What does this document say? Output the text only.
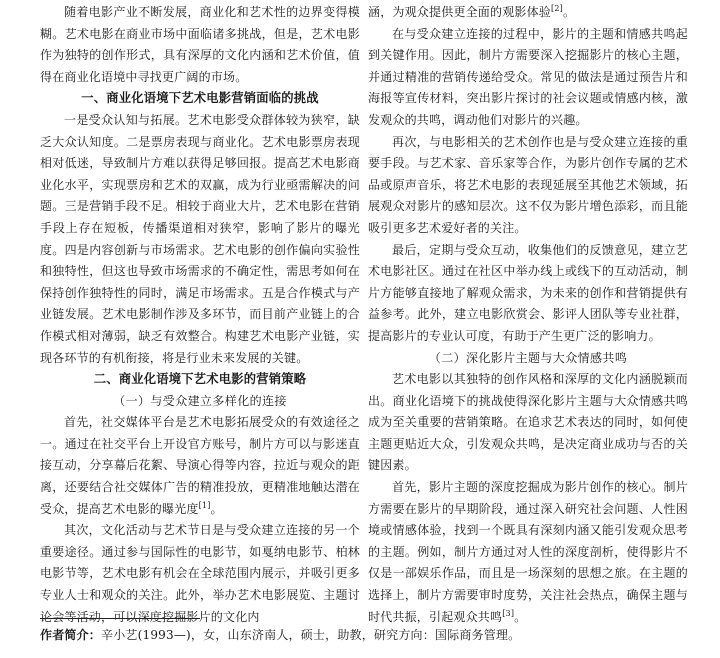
随着电影产业不断发展，商业化和艺术性的边界变得模糊。艺术电影在商业市场中面临诸多挑战，但是，艺术电影作为独特的创作形式，具有深厚的文化内涵和艺术价值，值得在商业化语境中寻找更广阔的市场。

一、商业化语境下艺术电影营销面临的挑战

一是受众认知与拓展。艺术电影受众群体较为狭窄，缺乏大众认知度。二是票房表现与商业化。艺术电影票房表现相对低迷，导致制片方难以获得足够回报。提高艺术电影商业化水平，实现票房和艺术的双赢，成为行业亟需解决的问题。三是营销手段不足。相较于商业大片，艺术电影在营销手段上存在短板，传播渠道相对狭窄，影响了影片的曝光度。四是内容创新与市场需求。艺术电影的创作偏向实验性和独特性，但这也导致市场需求的不确定性，需思考如何在保持创作独特性的同时，满足市场需求。五是合作模式与产业链发展。艺术电影制作涉及多环节，而目前产业链上的合作模式相对薄弱，缺乏有效整合。构建艺术电影产业链，实现各环节的有机衔接，将是行业未来发展的关键。

二、商业化语境下艺术电影的营销策略
（一）与受众建立多样化的连接

首先，社交媒体平台是艺术电影拓展受众的有效途径之一。通过在社交平台上开设官方账号，制片方可以与影迷直接互动，分享幕后花絮、导演心得等内容，拉近与观众的距离，还要结合社交媒体广告的精准投放，更精准地触达潜在受众，提高艺术电影的曝光度[1]。

其次，文化活动与艺术节日是与受众建立连接的另一个重要途径。通过参与国际性的电影节，如戛纳电影节、柏林电影节等，艺术电影有机会在全球范围内展示，并吸引更多专业人士和观众的关注。此外，举办艺术电影展览、主题讨论会等活动，可以深度挖掘影片的文化内

涵，为观众提供更全面的观影体验[2]。

在与受众建立连接的过程中，影片的主题和情感共鸣起到关键作用。因此，制片方需要深入挖掘影片的核心主题，并通过精准的营销传递给受众。常见的做法是通过预告片和海报等宣传材料，突出影片探讨的社会议题或情感内核，激发观众的共鸣，调动他们对影片的兴趣。

再次，与电影相关的艺术创作也是与受众建立连接的重要手段。与艺术家、音乐家等合作，为影片创作专属的艺术品或原声音乐，将艺术电影的表现延展至其他艺术领域，拓展观众对影片的感知层次。这不仅为影片增色添彩，而且能吸引更多艺术爱好者的关注。

最后，定期与受众互动，收集他们的反馈意见，建立艺术电影社区。通过在社区中举办线上或线下的互动活动，制片方能够直接地了解观众需求，为未来的创作和营销提供有益参考。此外，建立电影欣赏会、影评人团队等专业社群，提高影片的专业认可度，有助于产生更广泛的影响力。

（二）深化影片主题与大众情感共鸣

艺术电影以其独特的创作风格和深厚的文化内涵脱颖而出。商业化语境下的挑战使得深化影片主题与大众情感共鸣成为至关重要的营销策略。在追求艺术表达的同时，如何使主题更贴近大众，引发观众共鸣，是决定商业成功与否的关键因素。

首先，影片主题的深度挖掘成为影片创作的核心。制片方需要在影片的早期阶段，通过深入研究社会问题、人性困境或情感体验，找到一个既具有深刻内涵又能引发观众思考的主题。例如，制片方通过对人性的深度剖析，使得影片不仅是一部娱乐作品，而且是一场深刻的思想之旅。在主题的选择上，制片方需要审时度势，关注社会热点，确保主题与时代共振，引起观众共鸣[3]。

作者简介：辛小艺(1993—)，女，山东济南人，硕士，助教，研究方向：国际商务管理。
